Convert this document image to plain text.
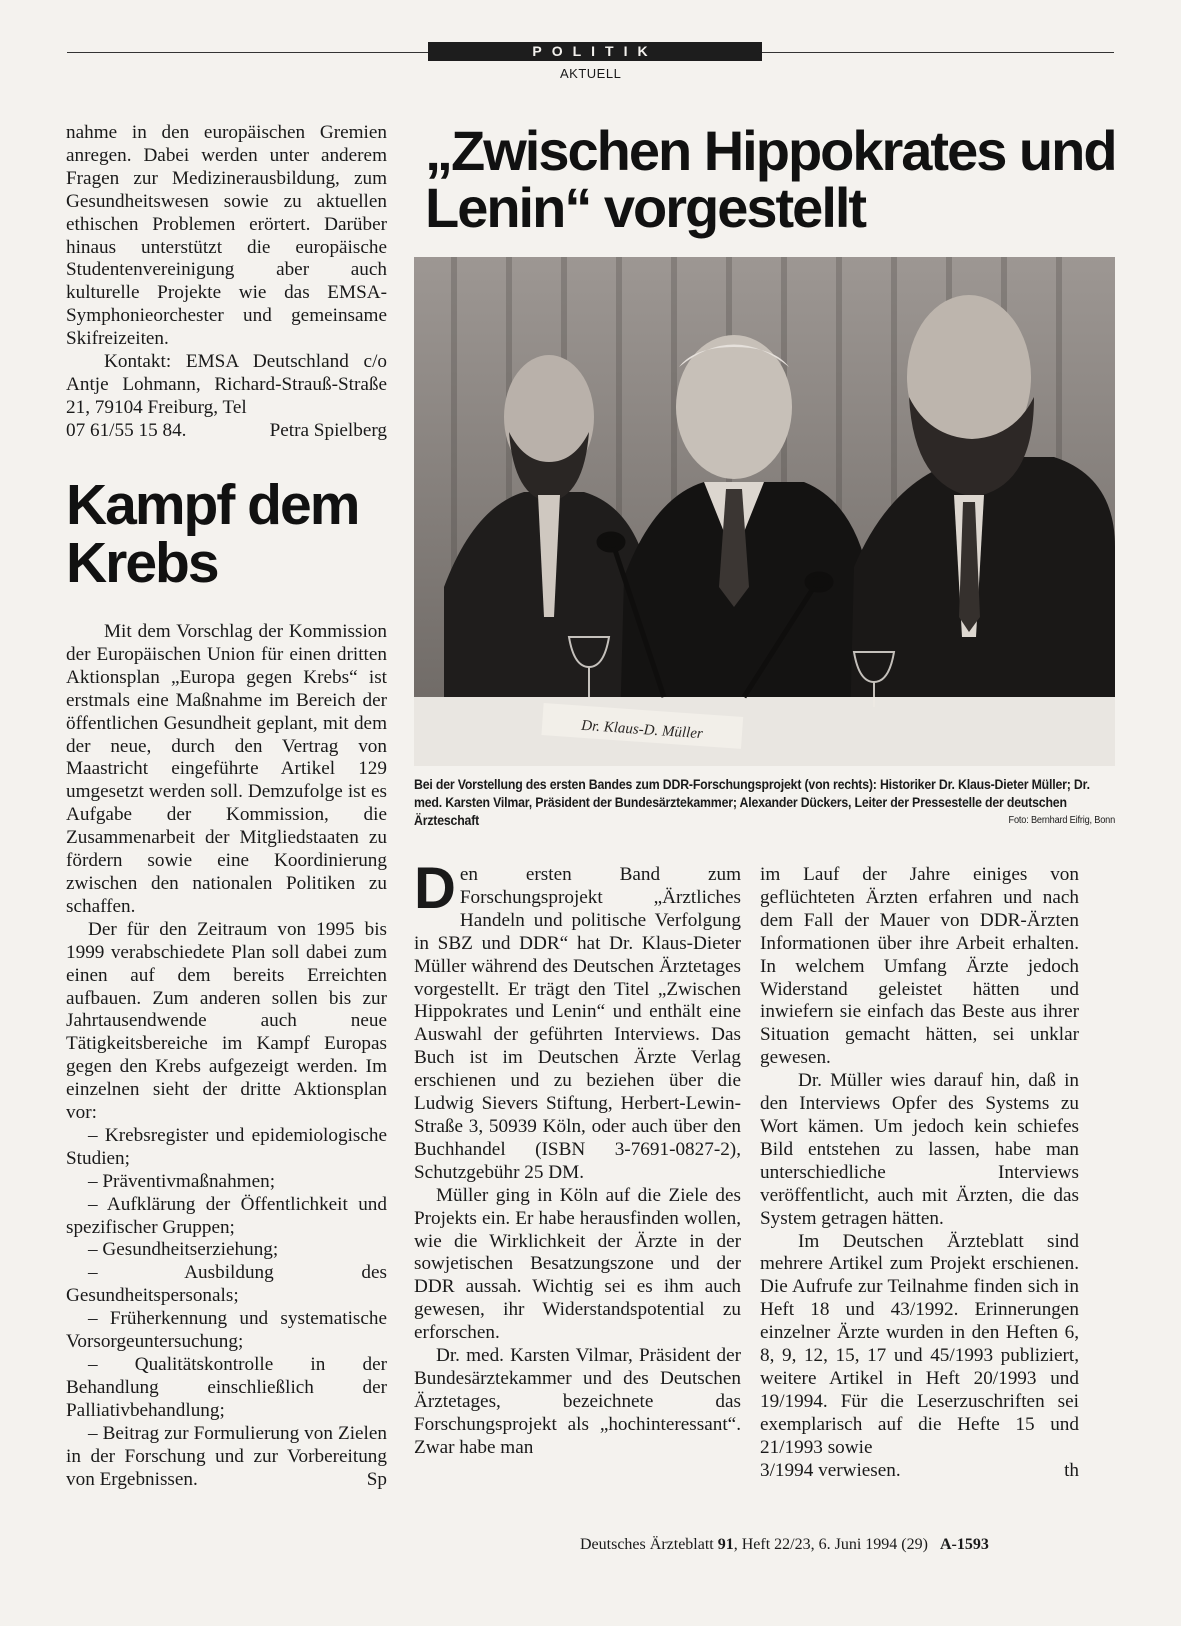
POLITIK
AKTUELL

nahme in den europäischen Gremien anregen. Dabei werden unter anderem Fragen zur Medizinerausbildung, zum Gesundheitswesen sowie zu aktuellen ethischen Problemen erörtert. Darüber hinaus unterstützt die europäische Studentenvereinigung aber auch kulturelle Projekte wie das EMSA-Symphonieorchester und gemeinsame Skifreizeiten.

Kontakt: EMSA Deutschland c/o Antje Lohmann, Richard-Strauß-Straße 21, 79104 Freiburg, Tel

07 61/55 15 84.	Petra Spielberg

Kampf dem Krebs

Mit dem Vorschlag der Kommission der Europäischen Union für einen dritten Aktionsplan „Europa gegen Krebs“ ist erstmals eine Maßnahme im Bereich der öffentlichen Gesundheit geplant, mit dem der neue, durch den Vertrag von Maastricht eingeführte Artikel 129 umgesetzt werden soll. Demzufolge ist es Aufgabe der Kommission, die Zusammenarbeit der Mitgliedstaaten zu fördern sowie eine Koordinierung zwischen den nationalen Politiken zu schaffen.

Der für den Zeitraum von 1995 bis 1999 verabschiedete Plan soll dabei zum einen auf dem bereits Erreichten aufbauen. Zum anderen sollen bis zur Jahrtausendwende auch neue Tätigkeitsbereiche im Kampf Europas gegen den Krebs aufgezeigt werden. Im einzelnen sieht der dritte Aktionsplan vor:

– Krebsregister und epidemiologische Studien;

– Präventivmaßnahmen;

– Aufklärung der Öffentlichkeit und spezifischer Gruppen;

– Gesundheitserziehung;

– Ausbildung des Gesundheitspersonals;

– Früherkennung und systematische Vorsorgeuntersuchung;

– Qualitätskontrolle in der Behandlung einschließlich der Palliativbehandlung;

– Beitrag zur Formulierung von Zielen in der Forschung und zur Vorbereitung von Ergebnissen.	Sp

„Zwischen Hippokrates und Lenin“ vorgestellt
Dr. Klaus-D. Müller
Bei der Vorstellung des ersten Bandes zum DDR-Forschungsprojekt (von rechts): Historiker Dr. Klaus-Dieter Müller; Dr. med. Karsten Vilmar, Präsident der Bundesärztekammer; Alexander Dückers, Leiter der Pressestelle der deutschen Ärzteschaft	Foto: Bernhard Eifrig, Bonn

Den ersten Band zum Forschungsprojekt „Ärztliches Handeln und politische Verfolgung in SBZ und DDR“ hat Dr. Klaus-Dieter Müller während des Deutschen Ärztetages vorgestellt. Er trägt den Titel „Zwischen Hippokrates und Lenin“ und enthält eine Auswahl der geführten Interviews. Das Buch ist im Deutschen Ärzte Verlag erschienen und zu beziehen über die Ludwig Sievers Stiftung, Herbert-Lewin-Straße 3, 50939 Köln, oder auch über den Buchhandel (ISBN 3-7691-0827-2), Schutzgebühr 25 DM.

Müller ging in Köln auf die Ziele des Projekts ein. Er habe herausfinden wollen, wie die Wirklichkeit der Ärzte in der sowjetischen Besatzungszone und der DDR aussah. Wichtig sei es ihm auch gewesen, ihr Widerstandspotential zu erforschen.

Dr. med. Karsten Vilmar, Präsident der Bundesärztekammer und des Deutschen Ärztetages, bezeichnete das Forschungsprojekt als „hochinteressant“. Zwar habe man

im Lauf der Jahre einiges von geflüchteten Ärzten erfahren und nach dem Fall der Mauer von DDR-Ärzten Informationen über ihre Arbeit erhalten. In welchem Umfang Ärzte jedoch Widerstand geleistet hätten und inwiefern sie einfach das Beste aus ihrer Situation gemacht hätten, sei unklar gewesen.

Dr. Müller wies darauf hin, daß in den Interviews Opfer des Systems zu Wort kämen. Um jedoch kein schiefes Bild entstehen zu lassen, habe man unterschiedliche Interviews veröffentlicht, auch mit Ärzten, die das System getragen hätten.

Im Deutschen Ärzteblatt sind mehrere Artikel zum Projekt erschienen. Die Aufrufe zur Teilnahme finden sich in Heft 18 und 43/1992. Erinnerungen einzelner Ärzte wurden in den Heften 6, 8, 9, 12, 15, 17 und 45/1993 publiziert, weitere Artikel in Heft 20/1993 und 19/1994. Für die Leserzuschriften sei exemplarisch auf die Hefte 15 und 21/1993 sowie

3/1994 verwiesen.	th

Deutsches Ärzteblatt 91, Heft 22/23, 6. Juni 1994 (29) A-1593
